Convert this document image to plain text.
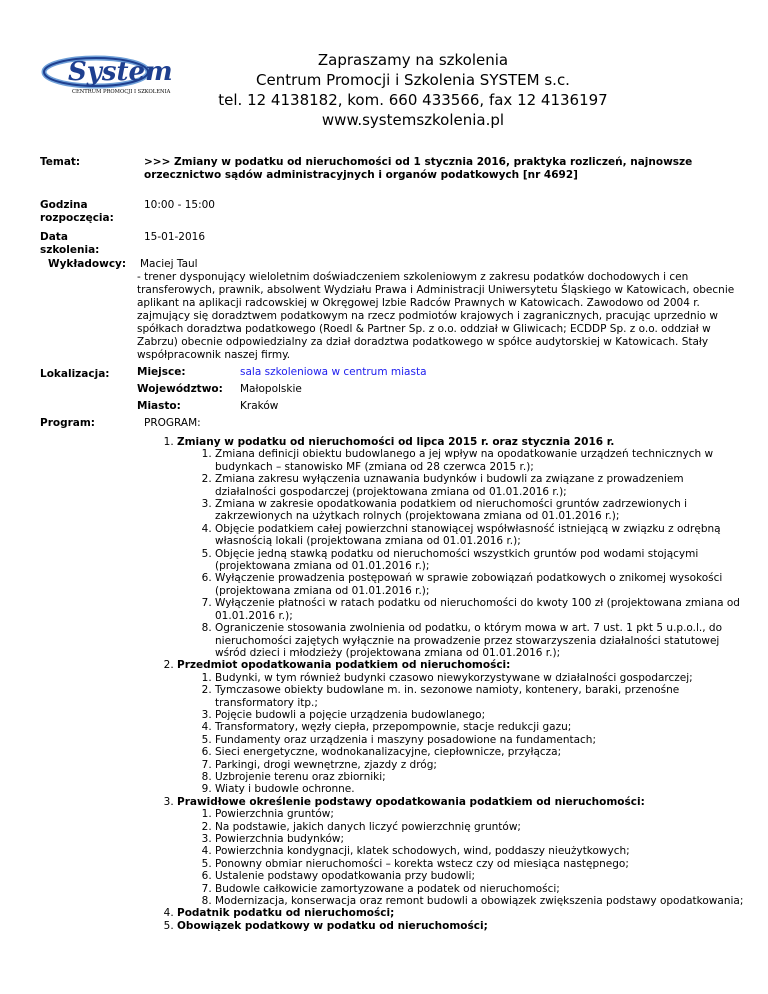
System
CENTRUM PROMOCJI I SZKOLENIA
Zapraszamy na szkolenia
Centrum Promocji i Szkolenia SYSTEM s.c.
tel. 12 4138182, kom. 660 433566, fax 12 4136197
www.systemszkolenia.pl
Temat:	>>> Zmiany w podatku od nieruchomości od 1 stycznia 2016, praktyka rozliczeń, najnowsze orzecznictwo sądów administracyjnych i organów podatkowych [nr 4692]
Godzina
rozpoczęcia:
10:00 - 15:00
Data
szkolenia:
15-01-2016
Wykładowcy:	Maciej Taul
- trener dysponujący wieloletnim doświadczeniem szkoleniowym z zakresu podatków dochodowych i cen transferowych, prawnik, absolwent Wydziału Prawa i Administracji Uniwersytetu Śląskiego w Katowicach, obecnie aplikant na aplikacji radcowskiej w Okręgowej Izbie Radców Prawnych w Katowicach. Zawodowo od 2004 r. zajmujący się doradztwem podatkowym na rzecz podmiotów krajowych i zagranicznych, pracując uprzednio w spółkach doradztwa podatkowego (Roedl & Partner Sp. z o.o. oddział w Gliwicach; ECDDP Sp. z o.o. oddział w Zabrzu) obecnie odpowiedzialny za dział doradztwa podatkowego w spółce audytorskiej w Katowicach. Stały współpracownik naszej firmy.
Lokalizacja:	Miejsce:	sala szkoleniowa w centrum miasta
Województwo: Małopolskie
Miasto:	Kraków
Program:	PROGRAM:
1. Zmiany w podatku od nieruchomości od lipca 2015 r. oraz stycznia 2016 r.
1. Zmiana definicji obiektu budowlanego a jej wpływ na opodatkowanie urządzeń technicznych w budynkach – stanowisko MF (zmiana od 28 czerwca 2015 r.);
2. Zmiana zakresu wyłączenia uznawania budynków i budowli za związane z prowadzeniem działalności gospodarczej (projektowana zmiana od 01.01.2016 r.);
3. Zmiana w zakresie opodatkowania podatkiem od nieruchomości gruntów zadrzewionych i zakrzewionych na użytkach rolnych (projektowana zmiana od 01.01.2016 r.);
4. Objęcie podatkiem całej powierzchni stanowiącej współwłasność istniejącą w związku z odrębną własnością lokali (projektowana zmiana od 01.01.2016 r.);
5. Objęcie jedną stawką podatku od nieruchomości wszystkich gruntów pod wodami stojącymi (projektowana zmiana od 01.01.2016 r.);
6. Wyłączenie prowadzenia postępowań w sprawie zobowiązań podatkowych o znikomej wysokości (projektowana zmiana od 01.01.2016 r.);
7. Wyłączenie płatności w ratach podatku od nieruchomości do kwoty 100 zł (projektowana zmiana od 01.01.2016 r.);
8. Ograniczenie stosowania zwolnienia od podatku, o którym mowa w art. 7 ust. 1 pkt 5 u.p.o.l., do nieruchomości zajętych wyłącznie na prowadzenie przez stowarzyszenia działalności statutowej wśród dzieci i młodzieży (projektowana zmiana od 01.01.2016 r.);
2. Przedmiot opodatkowania podatkiem od nieruchomości:
1. Budynki, w tym również budynki czasowo niewykorzystywane w działalności gospodarczej;
2. Tymczasowe obiekty budowlane m. in. sezonowe namioty, kontenery, baraki, przenośne transformatory itp.;
3. Pojęcie budowli a pojęcie urządzenia budowlanego;
4. Transformatory, węzły ciepła, przepompownie, stacje redukcji gazu;
5. Fundamenty oraz urządzenia i maszyny posadowione na fundamentach;
6. Sieci energetyczne, wodnokanalizacyjne, ciepłownicze, przyłącza;
7. Parkingi, drogi wewnętrzne, zjazdy z dróg;
8. Uzbrojenie terenu oraz zbiorniki;
9. Wiaty i budowle ochronne.
3. Prawidłowe określenie podstawy opodatkowania podatkiem od nieruchomości:
1. Powierzchnia gruntów;
2. Na podstawie, jakich danych liczyć powierzchnię gruntów;
3. Powierzchnia budynków;
4. Powierzchnia kondygnacji, klatek schodowych, wind, poddaszy nieużytkowych;
5. Ponowny obmiar nieruchomości – korekta wstecz czy od miesiąca następnego;
6. Ustalenie podstawy opodatkowania przy budowli;
7. Budowle całkowicie zamortyzowane a podatek od nieruchomości;
8. Modernizacja, konserwacja oraz remont budowli a obowiązek zwiększenia podstawy opodatkowania;
4. Podatnik podatku od nieruchomości;
5. Obowiązek podatkowy w podatku od nieruchomości;
